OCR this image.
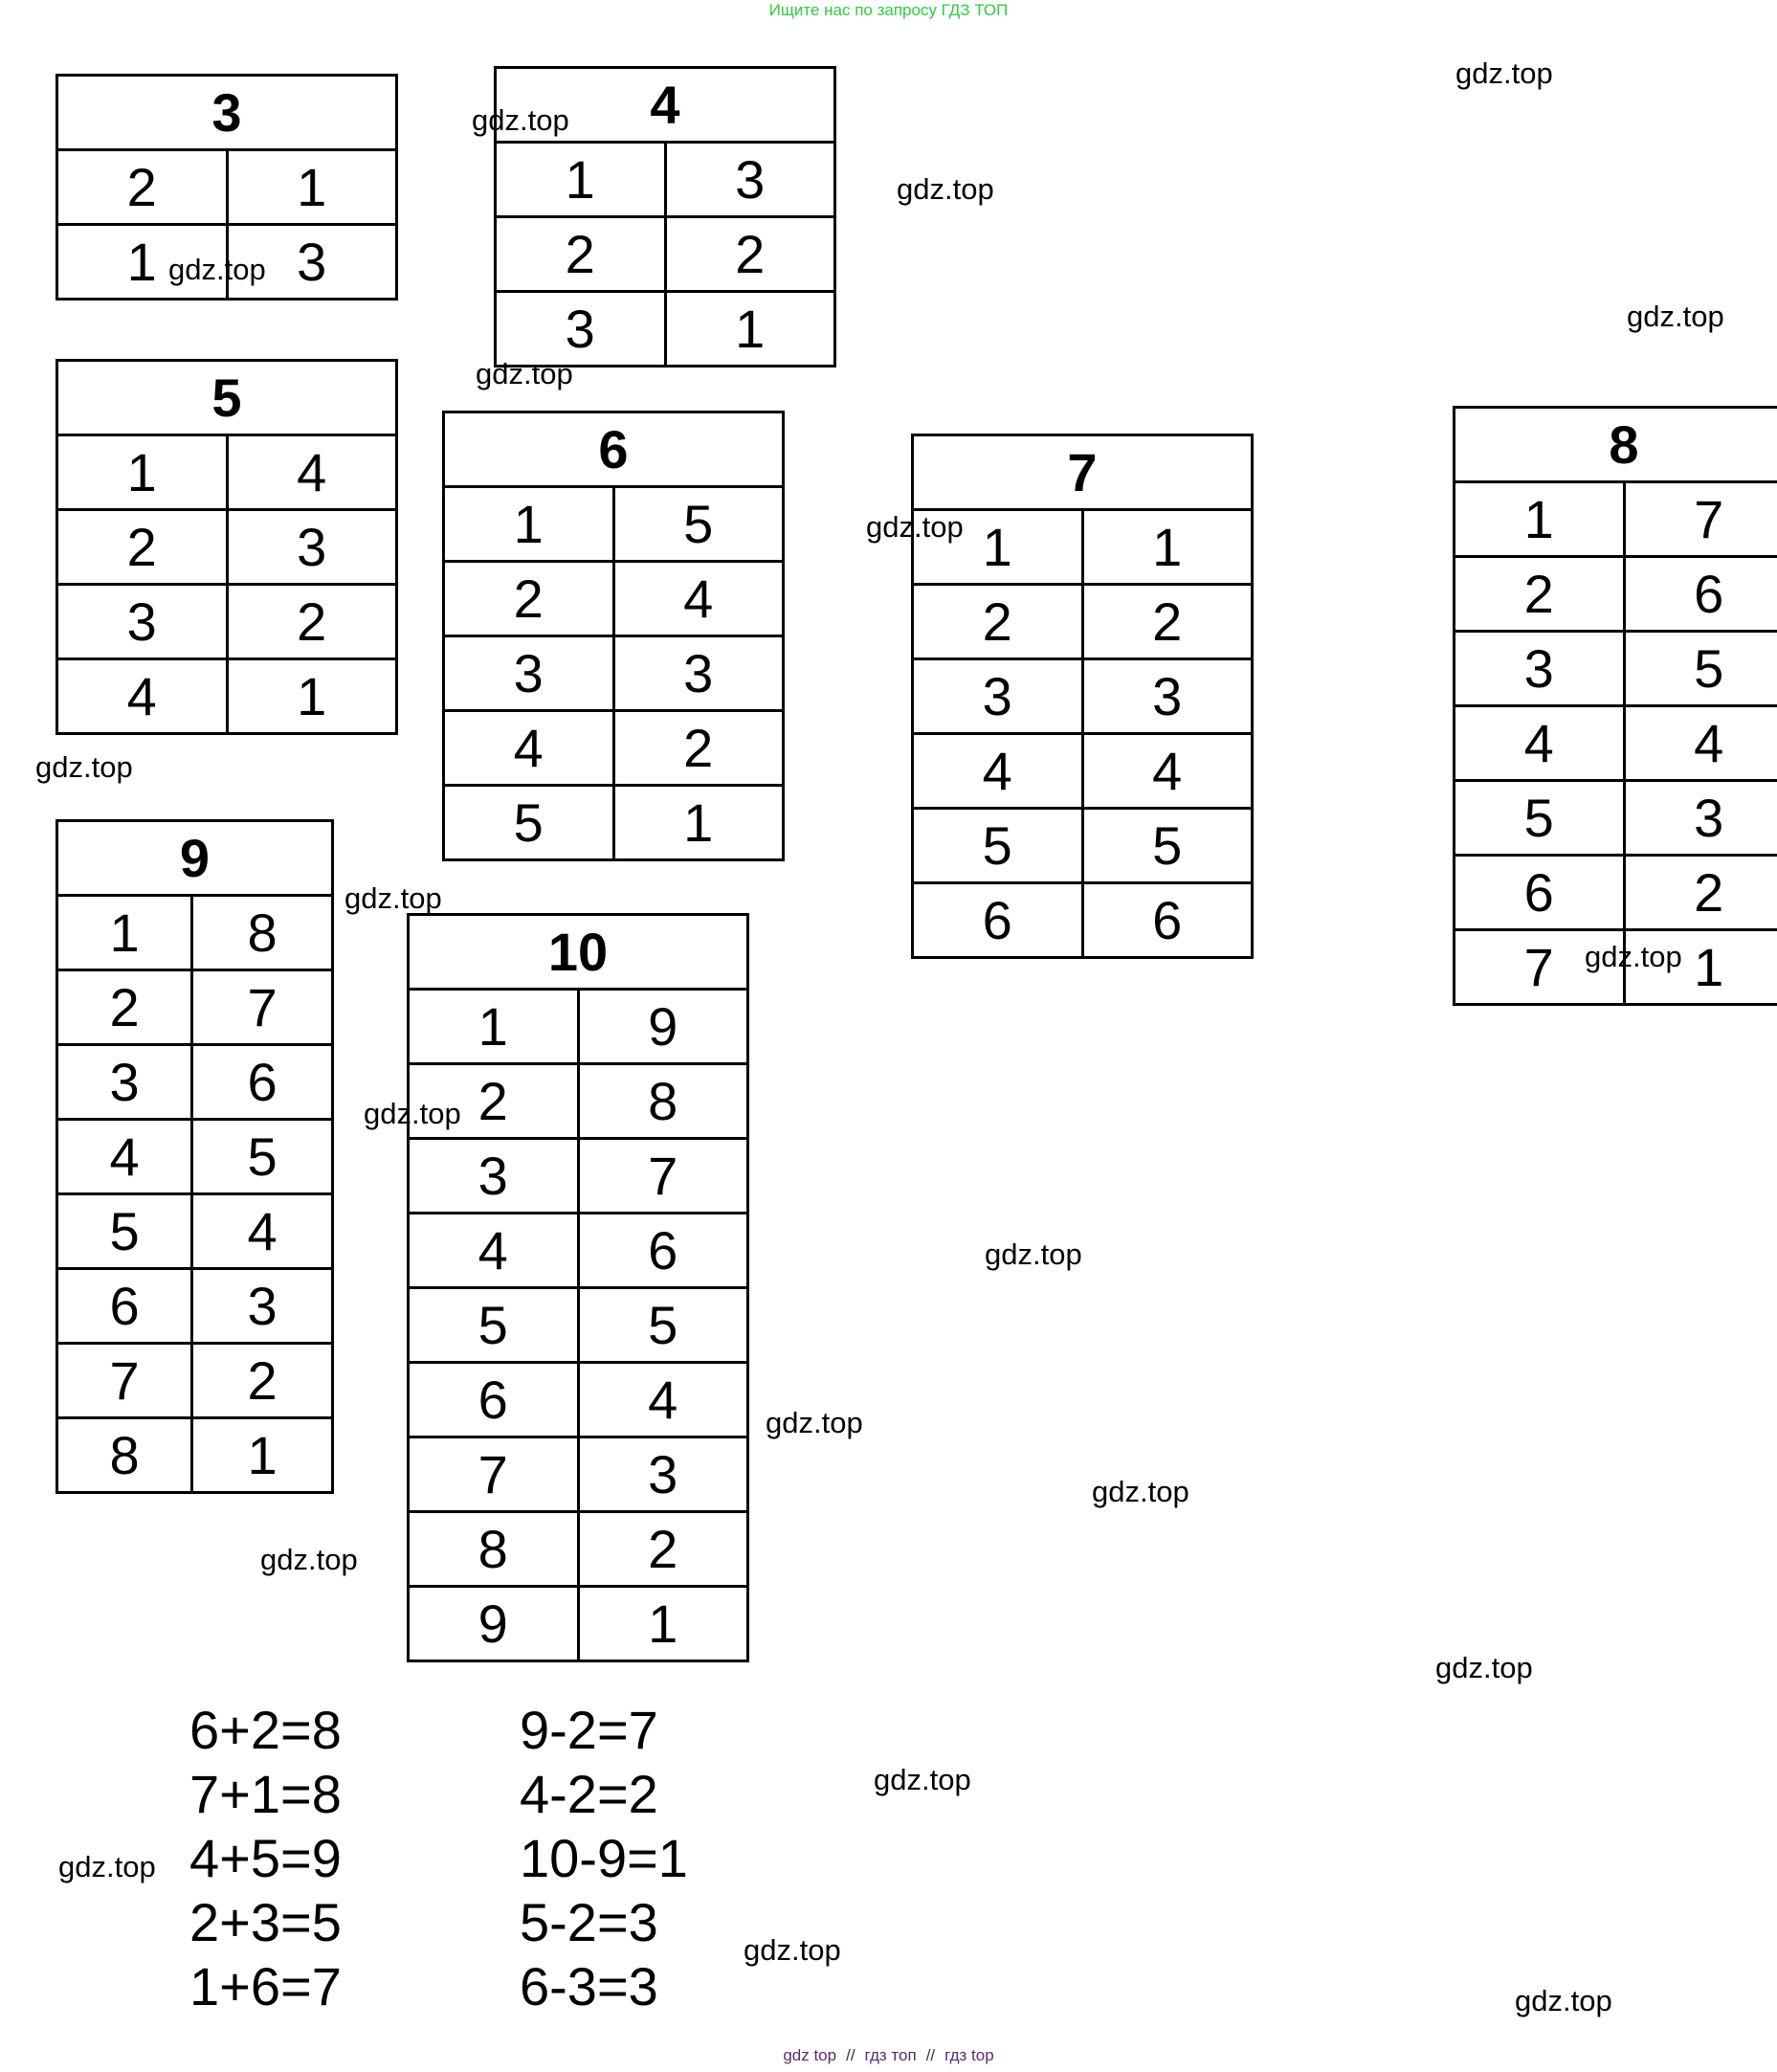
Ищите нас по запросу ГДЗ ТОП
gdz.top
gdz.top
gdz.top
gdz.top
gdz.top
gdz.top
gdz.top
gdz.top
gdz.top
gdz.top
gdz.top
gdz.top
gdz.top
gdz.top
gdz.top
gdz.top
gdz.top
gdz.top
gdz.top
gdz.top
3	
2	1
1	3
4	
1	3
2	2
3	1
5	
1	4
2	3
3	2
4	1
6	
1	5
2	4
3	3
4	2
5	1
7	
1	1
2	2
3	3
4	4
5	5
6	6
8	
1	7
2	6
3	5
4	4
5	3
6	2
7	1
9	
1	8
2	7
3	6
4	5
5	4
6	3
7	2
8	1
10	
1	9
2	8
3	7
4	6
5	5
6	4
7	3
8	2
9	1
6+2=8
7+1=8
4+5=9
2+3=5
1+6=7
9-2=7
4-2=2
10-9=1
5-2=3
6-3=3
gdz top // гдз топ // гдз top
